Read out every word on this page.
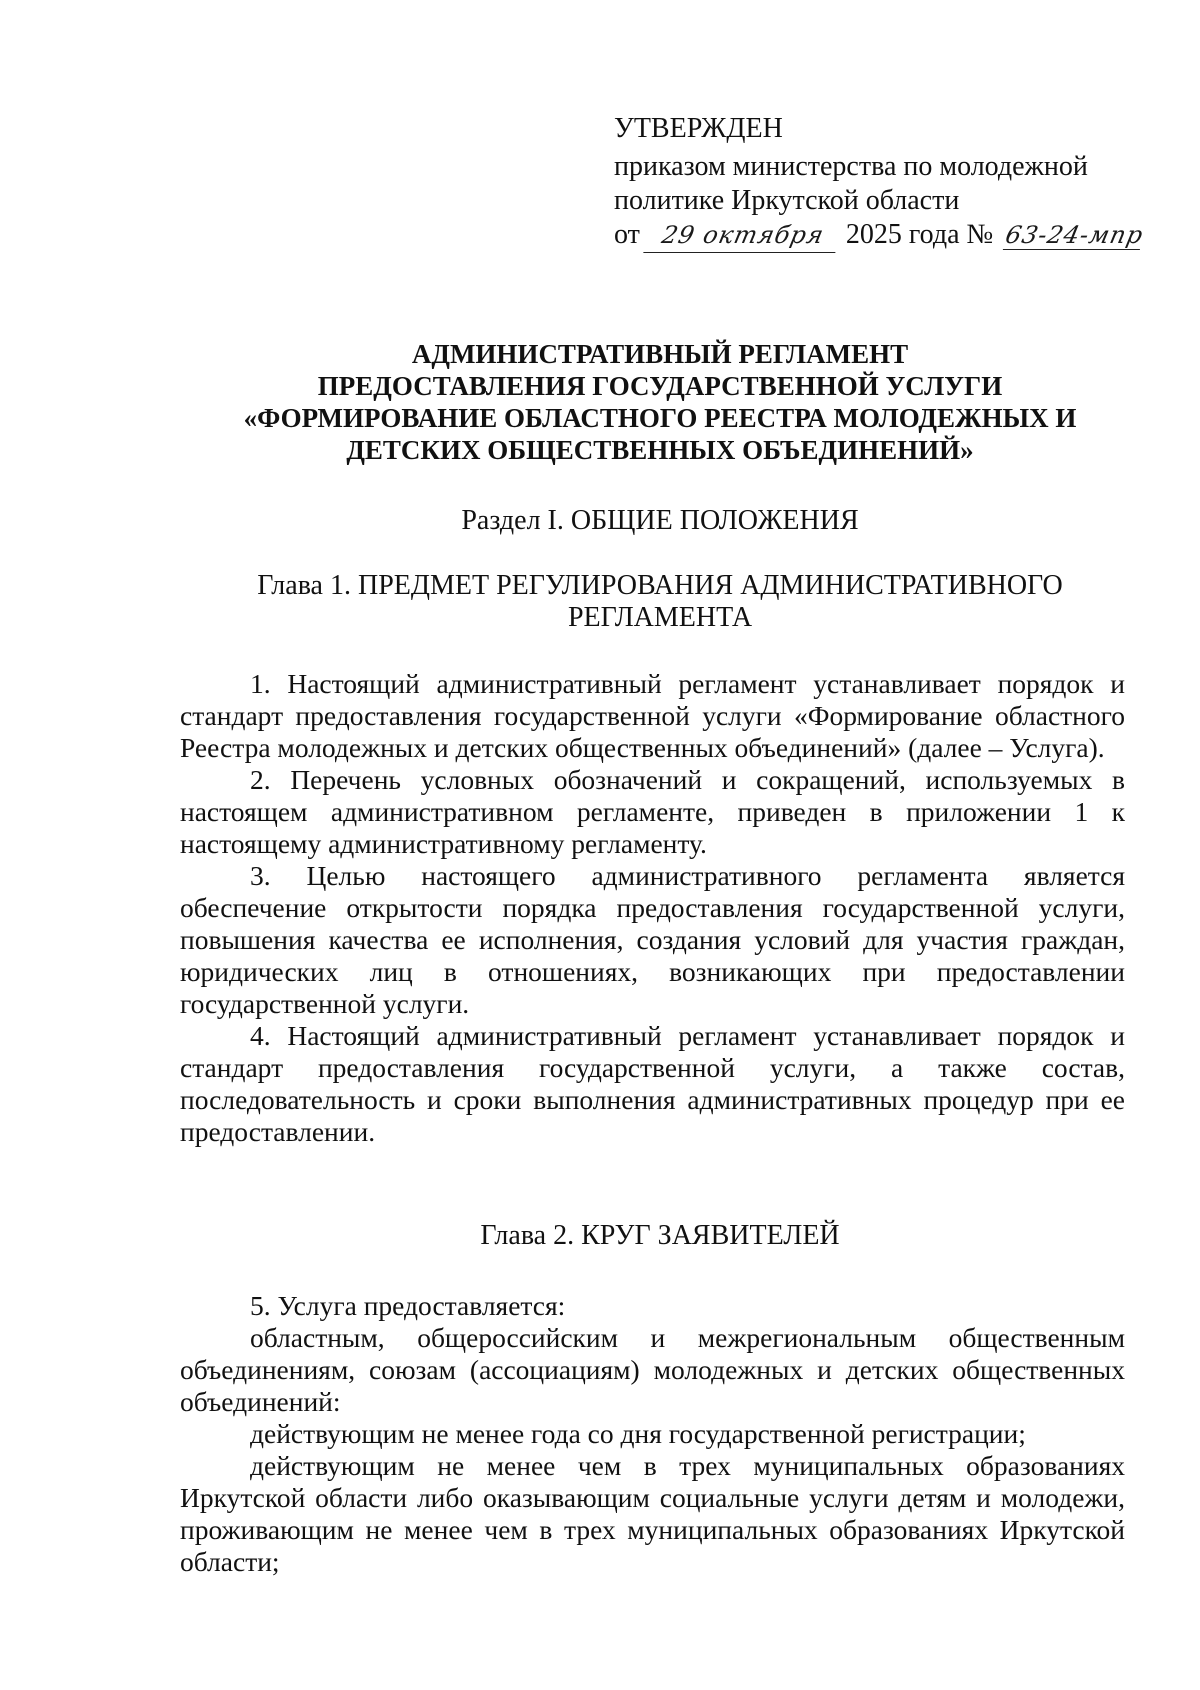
УТВЕРЖДЕН
приказом министерства по молодежной
политике Иркутской области
от 29 октября 2025 года № 63-24-мпр
АДМИНИСТРАТИВНЫЙ РЕГЛАМЕНТ
ПРЕДОСТАВЛЕНИЯ ГОСУДАРСТВЕННОЙ УСЛУГИ
«ФОРМИРОВАНИЕ ОБЛАСТНОГО РЕЕСТРА МОЛОДЕЖНЫХ И
ДЕТСКИХ ОБЩЕСТВЕННЫХ ОБЪЕДИНЕНИЙ»
Раздел I. ОБЩИЕ ПОЛОЖЕНИЯ
Глава 1. ПРЕДМЕТ РЕГУЛИРОВАНИЯ АДМИНИСТРАТИВНОГО
РЕГЛАМЕНТА

1. Настоящий административный регламент устанавливает порядок и стандарт предоставления государственной услуги «Формирование областного Реестра молодежных и детских общественных объединений» (далее – Услуга).

2. Перечень условных обозначений и сокращений, используемых в настоящем административном регламенте, приведен в приложении 1 к настоящему административному регламенту.

3. Целью настоящего административного регламента является обеспечение открытости порядка предоставления государственной услуги, повышения качества ее исполнения, создания условий для участия граждан, юридических лиц в отношениях, возникающих при предоставлении государственной услуги.

4. Настоящий административный регламент устанавливает порядок и стандарт предоставления государственной услуги, а также состав, последовательность и сроки выполнения административных процедур при ее предоставлении.

Глава 2. КРУГ ЗАЯВИТЕЛЕЙ

5. Услуга предоставляется:

областным, общероссийским и межрегиональным общественным объединениям, союзам (ассоциациям) молодежных и детских общественных объединений:

действующим не менее года со дня государственной регистрации;

действующим не менее чем в трех муниципальных образованиях Иркутской области либо оказывающим социальные услуги детям и молодежи, проживающим не менее чем в трех муниципальных образованиях Иркутской области;
